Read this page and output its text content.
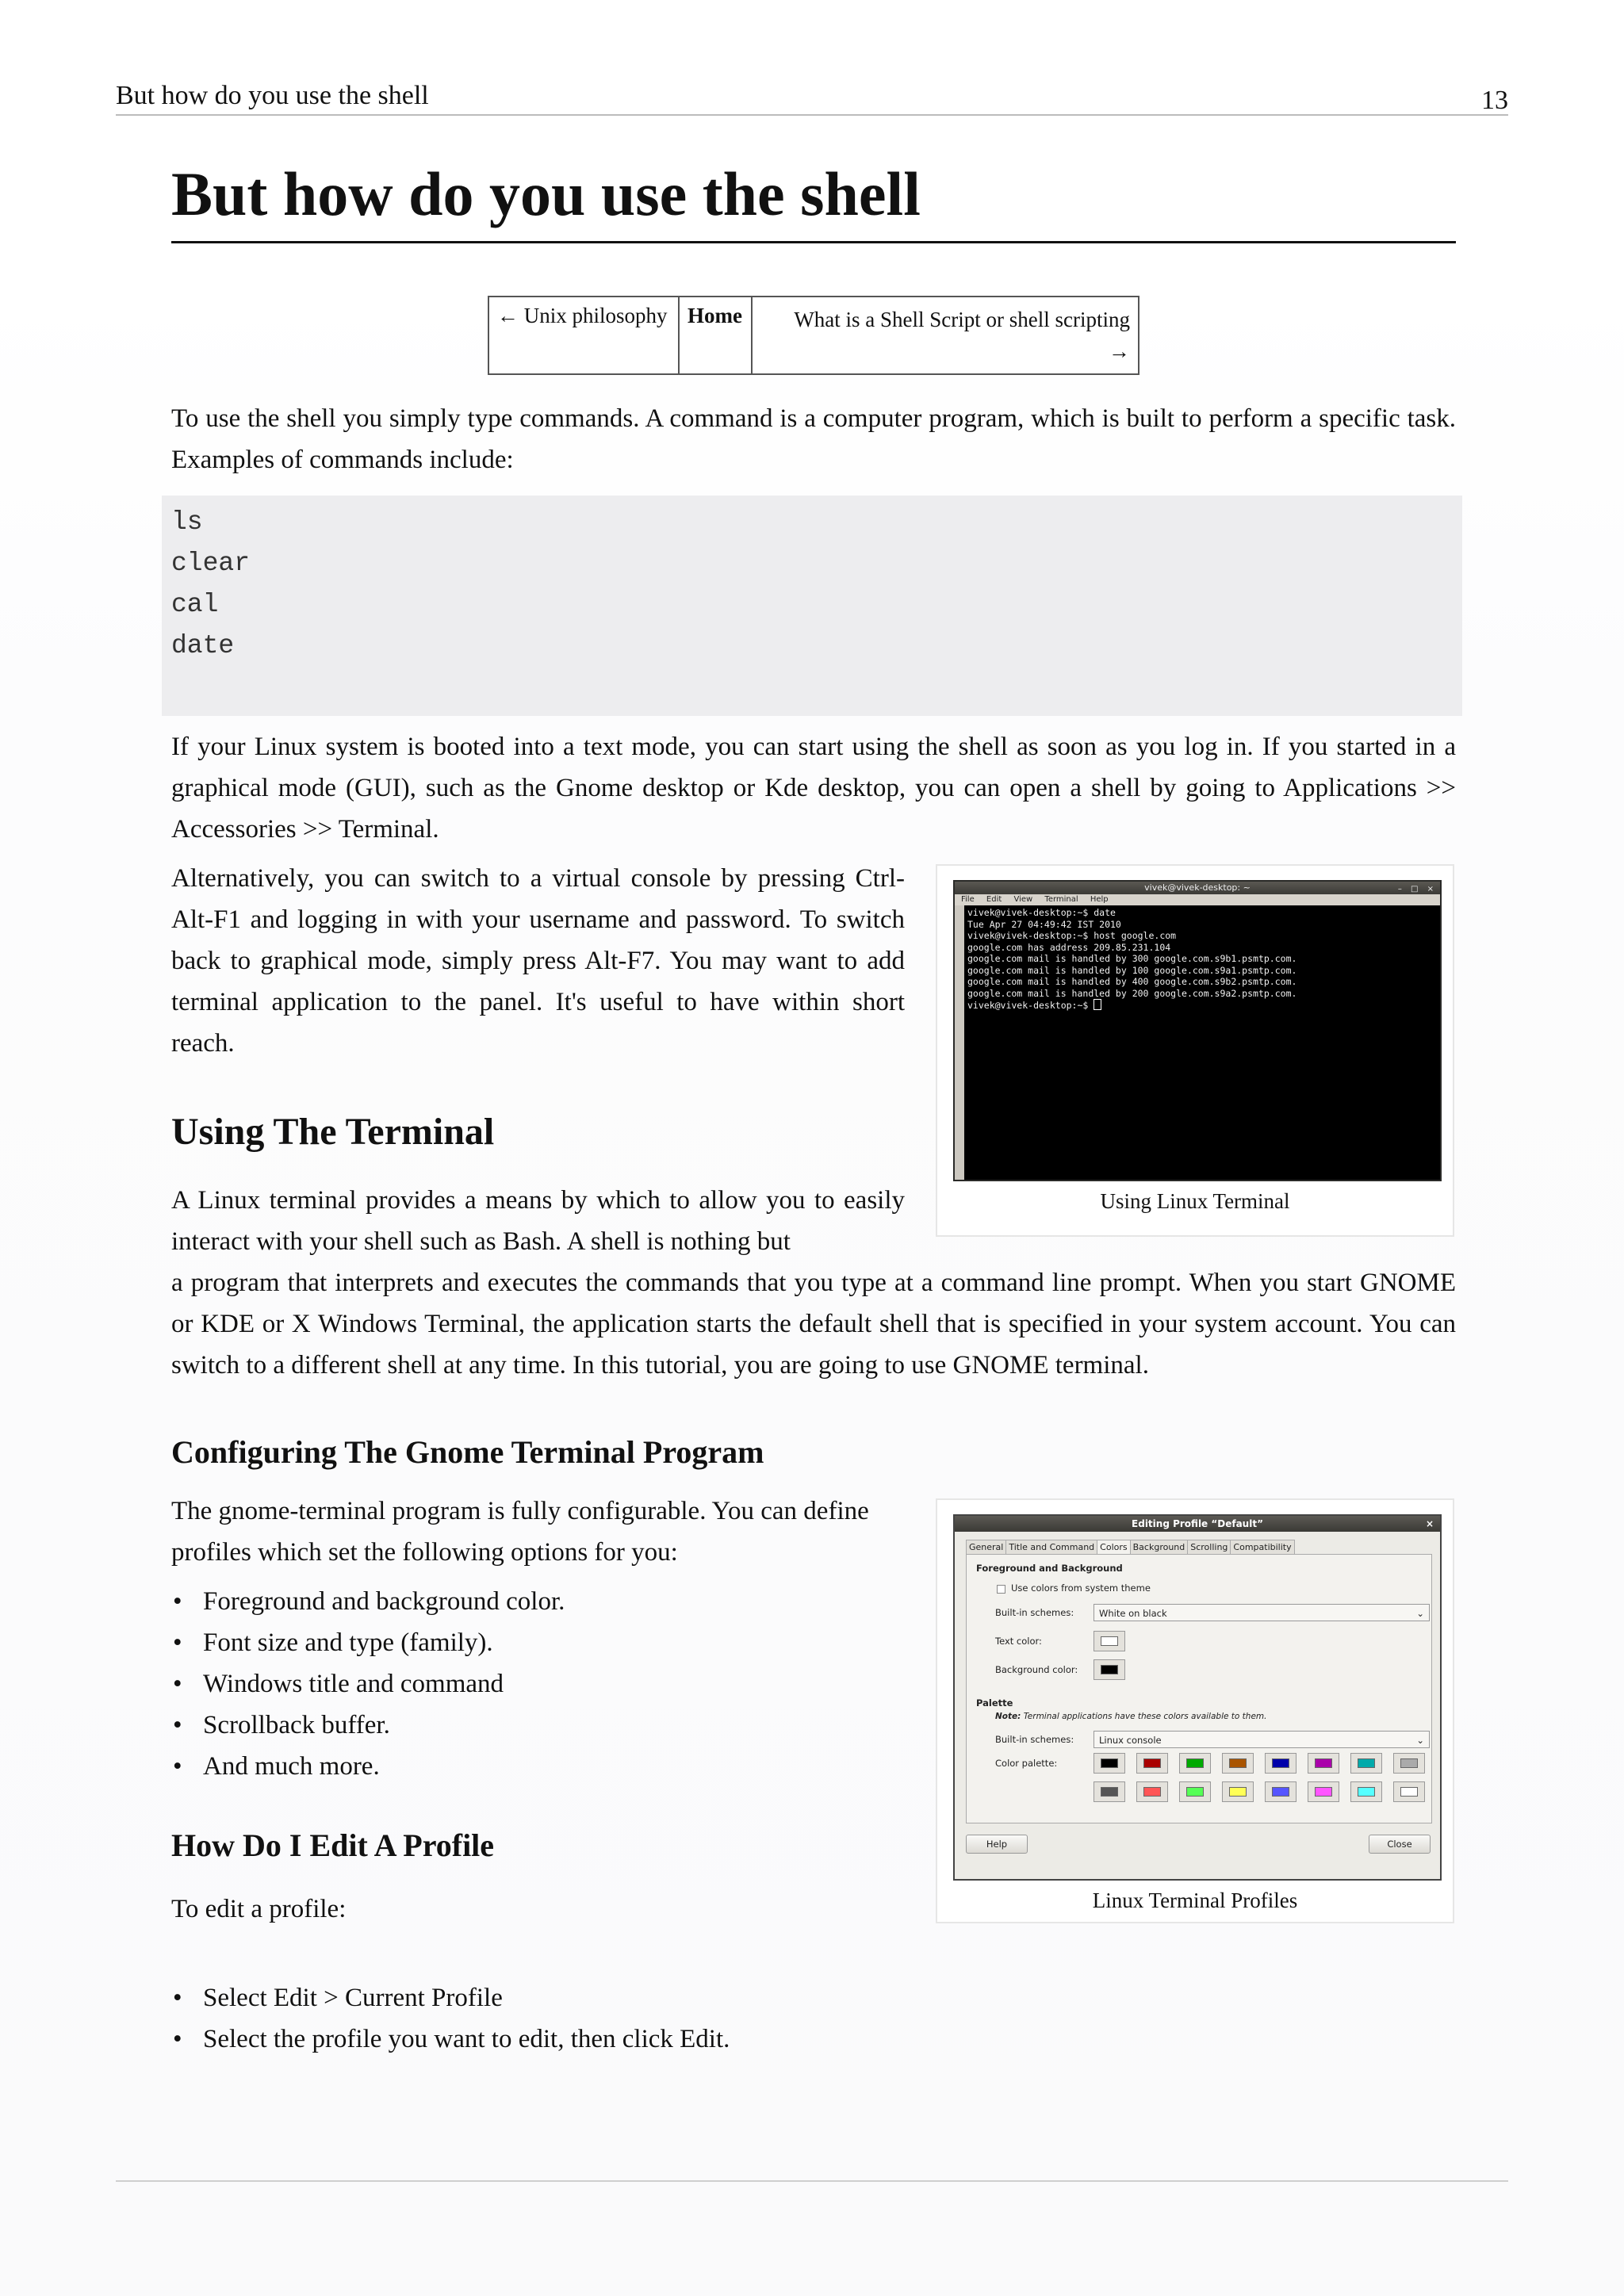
But how do you use the shell	13
But how do you use the shell
← Unix philosophy	Home	What is a Shell Script or shell scripting
→

To use the shell you simply type commands. A command is a computer program, which is built to perform a specific task. Examples of commands include:

ls
clear
cal
date

If your Linux system is booted into a text mode, you can start using the shell as soon as you log in. If you started in a graphical mode (GUI), such as the Gnome desktop or Kde desktop, you can open a shell by going to Applications >> Accessories >> Terminal.

Alternatively, you can switch to a virtual console by pressing Ctrl-Alt-F1 and logging in with your username and password. To switch back to graphical mode, simply press Alt-F7. You may want to add terminal application to the panel. It's useful to have within short reach.

Using The Terminal

A Linux terminal provides a means by which to allow you to easily interact with your shell such as Bash. A shell is nothing but

a program that interprets and executes the commands that you type at a command line prompt. When you start GNOME or KDE or X Windows Terminal, the application starts the default shell that is specified in your system account. You can switch to a different shell at any time. In this tutorial, you are going to use GNOME terminal.

vivek@vivek-desktop: ~	– □ ×
File Edit View Terminal Help
vivek@vivek-desktop:~$ date
Tue Apr 27 04:49:42 IST 2010
vivek@vivek-desktop:~$ host google.com
google.com has address 209.85.231.104
google.com mail is handled by 300 google.com.s9b1.psmtp.com.
google.com mail is handled by 100 google.com.s9a1.psmtp.com.
google.com mail is handled by 400 google.com.s9b2.psmtp.com.
google.com mail is handled by 200 google.com.s9a2.psmtp.com.
vivek@vivek-desktop:~$
Using Linux Terminal
Configuring The Gnome Terminal Program

The gnome-terminal program is fully configurable. You can define profiles which set the following options for you:

• Foreground and background color.
• Font size and type (family).
• Windows title and command
• Scrollback buffer.
• And much more.
Editing Profile “Default”	×
General Title and Command Colors Background Scrolling Compatibility
Foreground and Background
Use colors from system theme
Built-in schemes:	White on black	⌄
Text color:
Background color:
Palette
Note: Terminal applications have these colors available to them.
Built-in schemes:	Linux console	⌄
Color palette:
Help	Close
Linux Terminal Profiles
How Do I Edit A Profile

To edit a profile:

• Select Edit > Current Profile
• Select the profile you want to edit, then click Edit.
